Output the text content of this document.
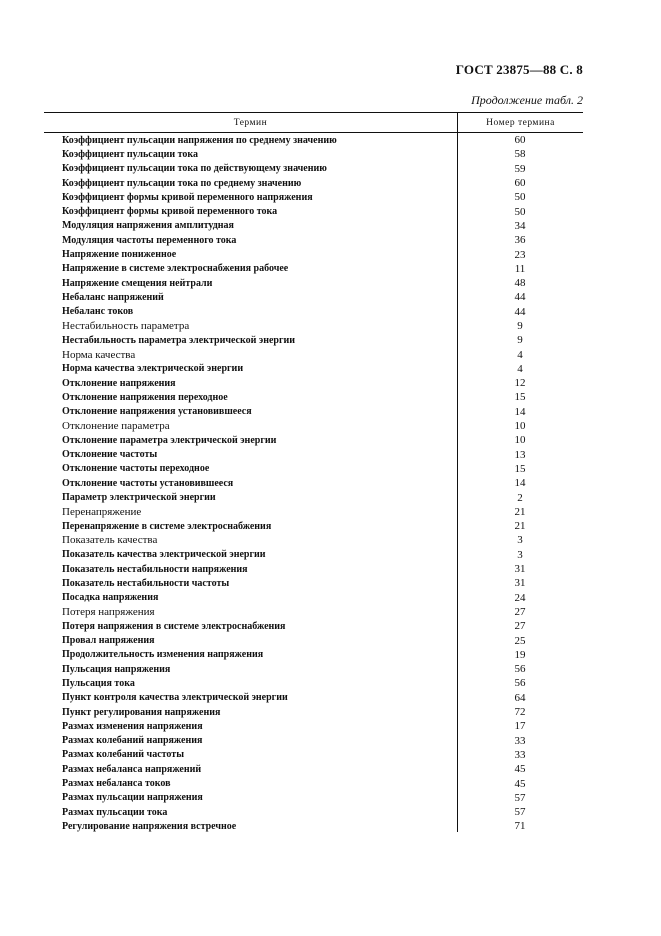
ГОСТ 23875—88 С. 8
Продолжение табл. 2
Термин	Номер термина
Коэффициент пульсации напряжения по среднему значению	60
Коэффициент пульсации тока	58
Коэффициент пульсации тока по действующему значению	59
Коэффициент пульсации тока по среднему значению	60
Коэффициент формы кривой переменного напряжения	50
Коэффициент формы кривой переменного тока	50
Модуляция напряжения амплитудная	34
Модуляция частоты переменного тока	36
Напряжение пониженное	23
Напряжение в системе электроснабжения рабочее	11
Напряжение смещения нейтрали	48
Небаланс напряжений	44
Небаланс токов	44
Нестабильность параметра	9
Нестабильность параметра электрической энергии	9
Норма качества	4
Норма качества электрической энергии	4
Отклонение напряжения	12
Отклонение напряжения переходное	15
Отклонение напряжения установившееся	14
Отклонение параметра	10
Отклонение параметра электрической энергии	10
Отклонение частоты	13
Отклонение частоты переходное	15
Отклонение частоты установившееся	14
Параметр электрической энергии	2
Перенапряжение	21
Перенапряжение в системе электроснабжения	21
Показатель качества	3
Показатель качества электрической энергии	3
Показатель нестабильности напряжения	31
Показатель нестабильности частоты	31
Посадка напряжения	24
Потеря напряжения	27
Потеря напряжения в системе электроснабжения	27
Провал напряжения	25
Продолжительность изменения напряжения	19
Пульсация напряжения	56
Пульсация тока	56
Пункт контроля качества электрической энергии	64
Пункт регулирования напряжения	72
Размах изменения напряжения	17
Размах колебаний напряжения	33
Размах колебаний частоты	33
Размах небаланса напряжений	45
Размах небаланса токов	45
Размах пульсации напряжения	57
Размах пульсации тока	57
Регулирование напряжения встречное	71
